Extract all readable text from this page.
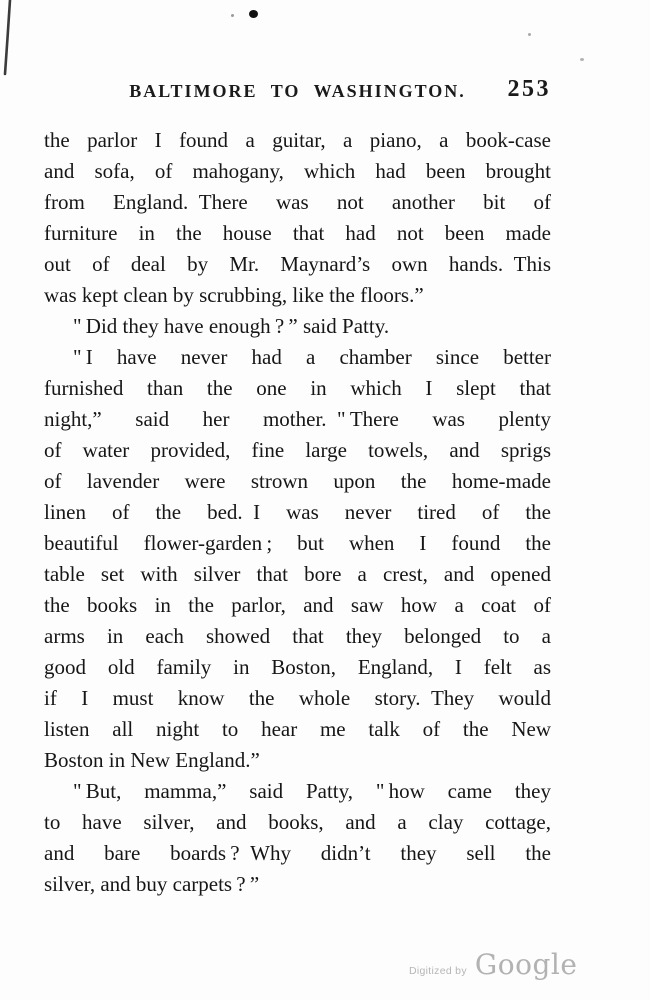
BALTIMORE TO WASHINGTON. 253
the parlor I found a guitar, a piano, a book-case
and sofa, of mahogany, which had been brought
from England. There was not another bit of
furniture in the house that had not been made
out of deal by Mr. Maynard’s own hands. This
was kept clean by scrubbing, like the floors.”
" Did they have enough ? ” said Patty.
" I have never had a chamber since better
furnished than the one in which I slept that
night,” said her mother. " There was plenty
of water provided, fine large towels, and sprigs
of lavender were strown upon the home-made
linen of the bed. I was never tired of the
beautiful flower-garden ; but when I found the
table set with silver that bore a crest, and opened
the books in the parlor, and saw how a coat of
arms in each showed that they belonged to a
good old family in Boston, England, I felt as
if I must know the whole story. They would
listen all night to hear me talk of the New
Boston in New England.”
" But, mamma,” said Patty, " how came they
to have silver, and books, and a clay cottage,
and bare boards ? Why didn’t they sell the
silver, and buy carpets ? ”
Digitized by Google
